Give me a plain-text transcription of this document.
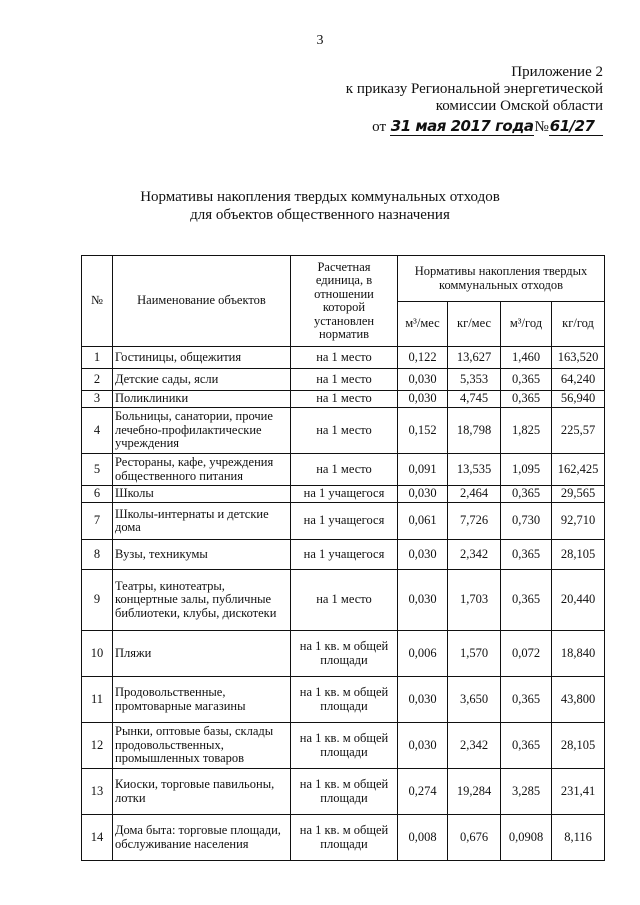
3
Приложение 2
к приказу Региональной энергетической
комиссии Омской области
от 31 мая 2017 года№61/27
Нормативы накопления твердых коммунальных отходов
для объектов общественного назначения
№	Наименование объектов	Расчетная единица, в отношении которой установлен норматив	Нормативы накопления твердых коммунальных отходов			
			м³/мес	кг/мес	м³/год	кг/год
1	Гостиницы, общежития	на 1 место	0,122	13,627	1,460	163,520
2	Детские сады, ясли	на 1 место	0,030	5,353	0,365	64,240
3	Поликлиники	на 1 место	0,030	4,745	0,365	56,940
4	Больницы, санатории, прочие лечебно-профилактические учреждения	на 1 место	0,152	18,798	1,825	225,57
5	Рестораны, кафе, учреждения общественного питания	на 1 место	0,091	13,535	1,095	162,425
6	Школы	на 1 учащегося	0,030	2,464	0,365	29,565
7	Школы-интернаты и детские дома	на 1 учащегося	0,061	7,726	0,730	92,710
8	Вузы, техникумы	на 1 учащегося	0,030	2,342	0,365	28,105
9	Театры, кинотеатры, концертные залы, публичные библиотеки, клубы, дискотеки	на 1 место	0,030	1,703	0,365	20,440
10	Пляжи	на 1 кв. м общей площади	0,006	1,570	0,072	18,840
11	Продовольственные, промтоварные магазины	на 1 кв. м общей площади	0,030	3,650	0,365	43,800
12	Рынки, оптовые базы, склады продовольственных, промышленных товаров	на 1 кв. м общей площади	0,030	2,342	0,365	28,105
13	Киоски, торговые павильоны, лотки	на 1 кв. м общей площади	0,274	19,284	3,285	231,41
14	Дома быта: торговые площади, обслуживание населения	на 1 кв. м общей площади	0,008	0,676	0,0908	8,116
